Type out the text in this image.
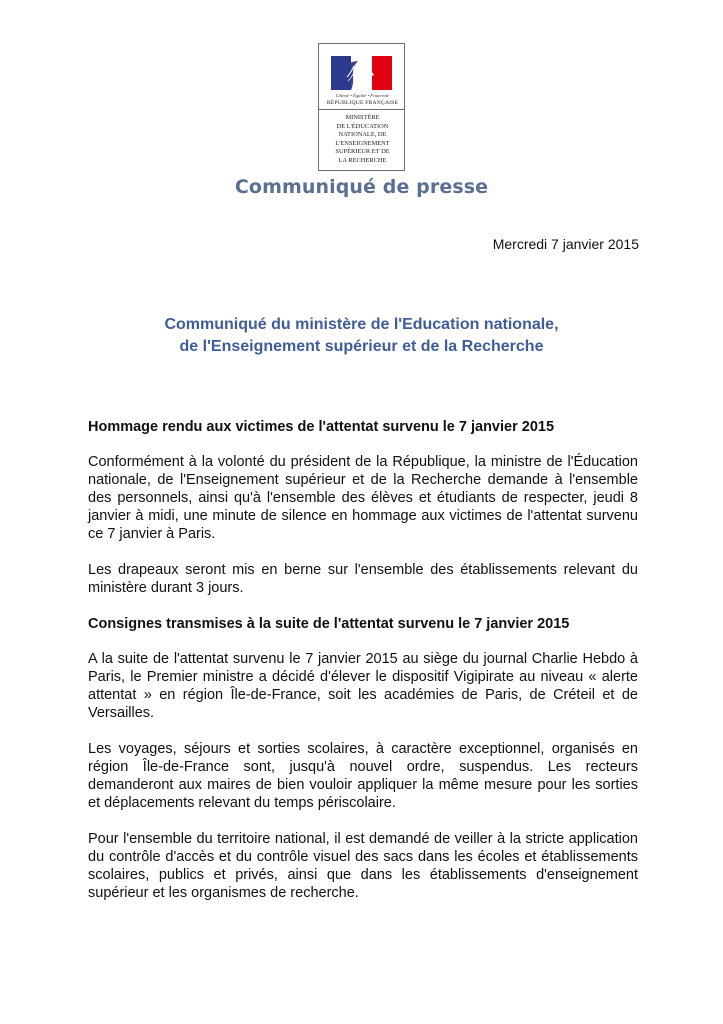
Liberté • Égalité • Fraternité
RÉPUBLIQUE FRANÇAISE
MINISTÈRE
DE L'ÉDUCATION
NATIONALE, DE
L'ENSEIGNEMENT
SUPÉRIEUR ET DE
LA RECHERCHE
Communiqué de presse
Mercredi 7 janvier 2015
Communiqué du ministère de l'Education nationale,
de l'Enseignement supérieur et de la Recherche
Hommage rendu aux victimes de l'attentat survenu le 7 janvier 2015

Conformément à la volonté du président de la République, la ministre de l'Éducation nationale, de l'Enseignement supérieur et de la Recherche demande à l'ensemble des personnels, ainsi qu'à l'ensemble des élèves et étudiants de respecter, jeudi 8 janvier à midi, une minute de silence en hommage aux victimes de l'attentat survenu ce 7 janvier à Paris.

Les drapeaux seront mis en berne sur l'ensemble des établissements relevant du ministère durant 3 jours.

Consignes transmises à la suite de l'attentat survenu le 7 janvier 2015

A la suite de l'attentat survenu le 7 janvier 2015 au siège du journal Charlie Hebdo à Paris, le Premier ministre a décidé d'élever le dispositif Vigipirate au niveau « alerte attentat » en région Île-de-France, soit les académies de Paris, de Créteil et de Versailles.

Les voyages, séjours et sorties scolaires, à caractère exceptionnel, organisés en région Île-de-France sont, jusqu'à nouvel ordre, suspendus. Les recteurs demanderont aux maires de bien vouloir appliquer la même mesure pour les sorties et déplacements relevant du temps périscolaire.

Pour l'ensemble du territoire national, il est demandé de veiller à la stricte application du contrôle d'accès et du contrôle visuel des sacs dans les écoles et établissements scolaires, publics et privés, ainsi que dans les établissements d'enseignement supérieur et les organismes de recherche.
